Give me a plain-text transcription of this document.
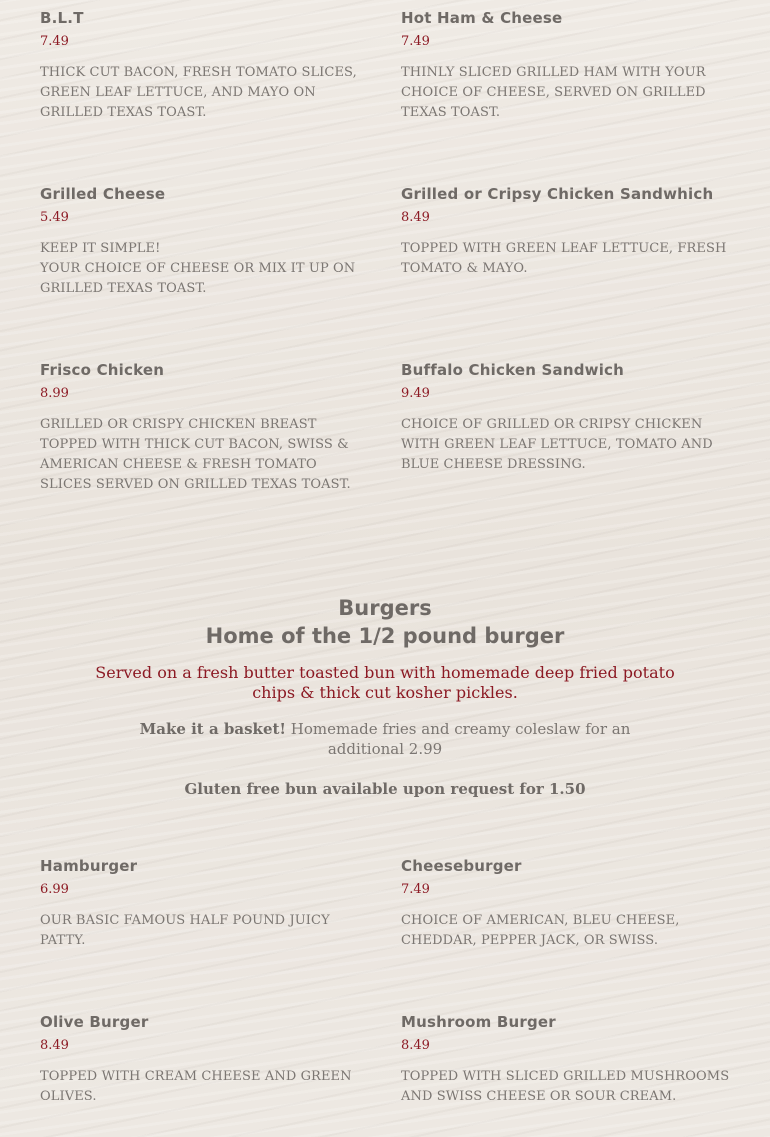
B.L.T
7.49
THICK CUT BACON, FRESH TOMATO SLICES, GREEN LEAF LETTUCE, AND MAYO ON GRILLED TEXAS TOAST.
Hot Ham & Cheese
7.49
THINLY SLICED GRILLED HAM WITH YOUR CHOICE OF CHEESE, SERVED ON GRILLED TEXAS TOAST.
Grilled Cheese
5.49
KEEP IT SIMPLE!
YOUR CHOICE OF CHEESE OR MIX IT UP ON GRILLED TEXAS TOAST.
Grilled or Cripsy Chicken Sandwhich
8.49
TOPPED WITH GREEN LEAF LETTUCE, FRESH TOMATO & MAYO.
Frisco Chicken
8.99
GRILLED OR CRISPY CHICKEN BREAST TOPPED WITH THICK CUT BACON, SWISS & AMERICAN CHEESE & FRESH TOMATO SLICES SERVED ON GRILLED TEXAS TOAST.
Buffalo Chicken Sandwich
9.49
CHOICE OF GRILLED OR CRIPSY CHICKEN WITH GREEN LEAF LETTUCE, TOMATO AND BLUE CHEESE DRESSING.
Burgers
Home of the 1/2 pound burger
Served on a fresh butter toasted bun with homemade deep fried potato chips & thick cut kosher pickles.
Make it a basket! Homemade fries and creamy coleslaw for an additional 2.99
Gluten free bun available upon request for 1.50
Hamburger
6.99
OUR BASIC FAMOUS HALF POUND JUICY PATTY.
Cheeseburger
7.49
CHOICE OF AMERICAN, BLEU CHEESE, CHEDDAR, PEPPER JACK, OR SWISS.
Olive Burger
8.49
TOPPED WITH CREAM CHEESE AND GREEN OLIVES.
Mushroom Burger
8.49
TOPPED WITH SLICED GRILLED MUSHROOMS AND SWISS CHEESE OR SOUR CREAM.
